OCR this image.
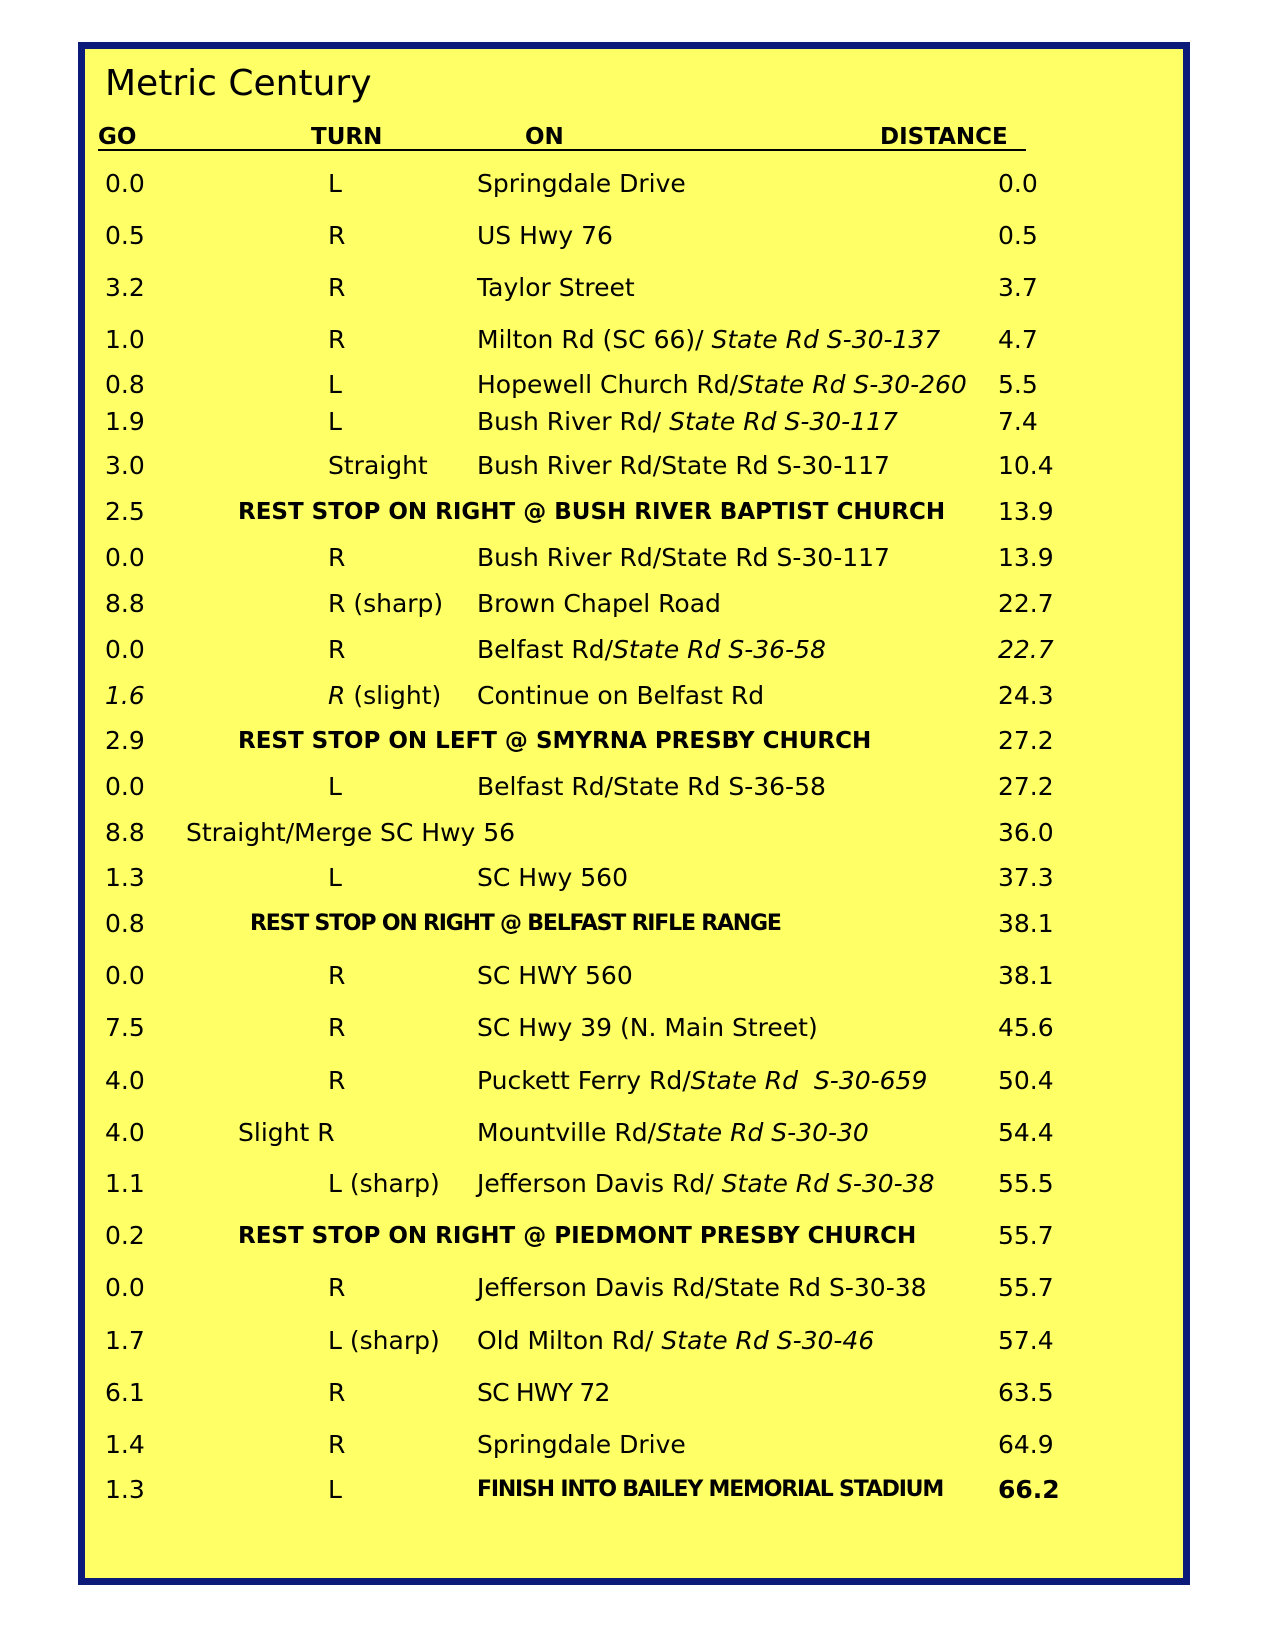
Metric Century
GO	TURN	ON	DISTANCE
0.0	L	Springdale Drive	0.0
0.5	R	US Hwy 76	0.5
3.2	R	Taylor Street	3.7
1.0	R	Milton Rd (SC 66)/ State Rd S-30-137 4.7
0.8	L	Hopewell Church Rd/State Rd S-30-260 5.5
1.9	L	Bush River Rd/ State Rd S-30-117	7.4
3.0	Straight Bush River Rd/State Rd S-30-117	10.4
2.5	REST STOP ON RIGHT @ BUSH RIVER BAPTIST CHURCH 13.9
0.0	R	Bush River Rd/State Rd S-30-117	13.9
8.8	R (sharp) Brown Chapel Road	22.7
0.0	R	Belfast Rd/State Rd S-36-58	22.7
1.6	R (slight) Continue on Belfast Rd	24.3
2.9	REST STOP ON LEFT @ SMYRNA PRESBY CHURCH	27.2
0.0	L	Belfast Rd/State Rd S-36-58	27.2
8.8 Straight/Merge SC Hwy 56	36.0
1.3	L	SC Hwy 560	37.3
0.8	REST STOP ON RIGHT @ BELFAST RIFLE RANGE	38.1
0.0	R	SC HWY 560	38.1
7.5	R	SC Hwy 39 (N. Main Street)	45.6
4.0	R	Puckett Ferry Rd/State Rd  S-30-659	50.4
4.0	Slight R	Mountville Rd/State Rd S-30-30	54.4
1.1	L (sharp) Jefferson Davis Rd/ State Rd S-30-38	55.5
0.2	REST STOP ON RIGHT @ PIEDMONT PRESBY CHURCH	55.7
0.0	R	Jefferson Davis Rd/State Rd S-30-38	55.7
1.7	L (sharp) Old Milton Rd/ State Rd S-30-46	57.4
6.1	R	SC HWY 72	63.5
1.4	R	Springdale Drive	64.9
1.3	L	FINISH INTO BAILEY MEMORIAL STADIUM 66.2
